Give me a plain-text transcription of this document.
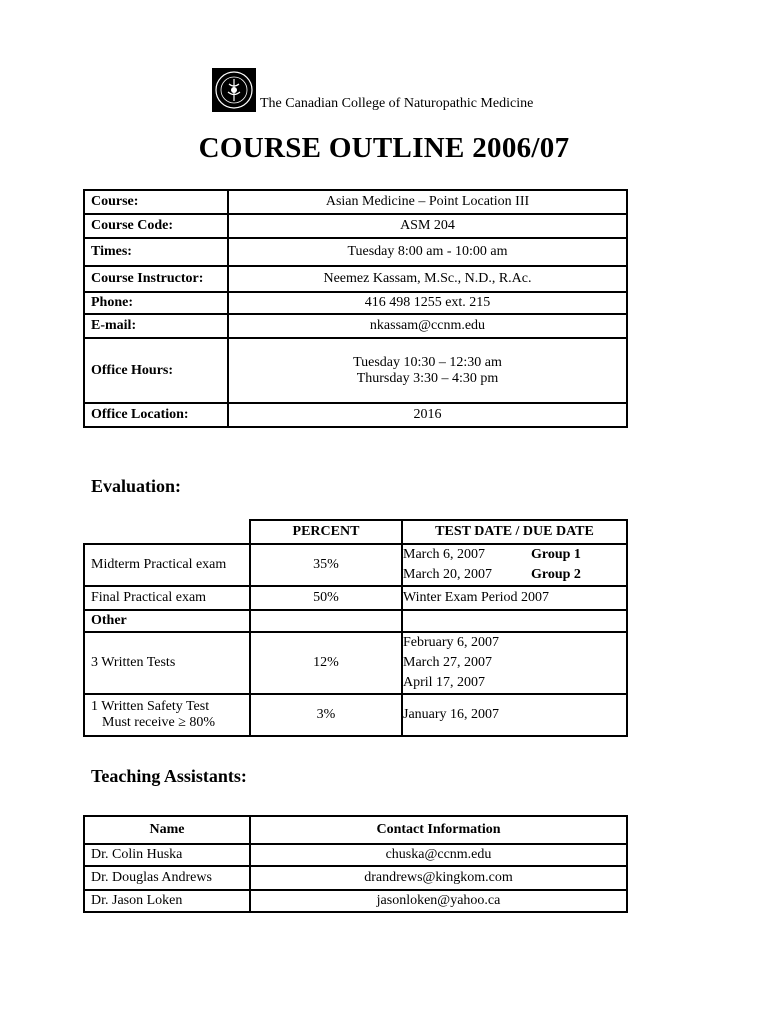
The Canadian College of Naturopathic Medicine
COURSE OUTLINE 2006/07
Course:	Asian Medicine – Point Location III
Course Code:	ASM 204
Times:	Tuesday 8:00 am - 10:00 am
Course Instructor:	Neemez Kassam, M.Sc., N.D., R.Ac.
Phone:	416 498 1255 ext. 215
E-mail:	nkassam@ccnm.edu
Office Hours:	Tuesday 10:30 – 12:30 am
Thursday 3:30 – 4:30 pm

Office Location:	2016
Evaluation:
	PERCENT	TEST DATE / DUE DATE
Midterm Practical exam	35%	March 6, 2007 Group 1
March 20, 2007 Group 2

Final Practical exam	50%	Winter Exam Period 2007
Other		
3 Written Tests	12%	February 6, 2007
March 27, 2007
April 17, 2007

1 Written Safety Test
Must receive ≥ 80%	3%	January 16, 2007
Teaching Assistants:
Name	Contact Information
Dr. Colin Huska	chuska@ccnm.edu
Dr. Douglas Andrews	drandrews@kingkom.com
Dr. Jason Loken	jasonloken@yahoo.ca
